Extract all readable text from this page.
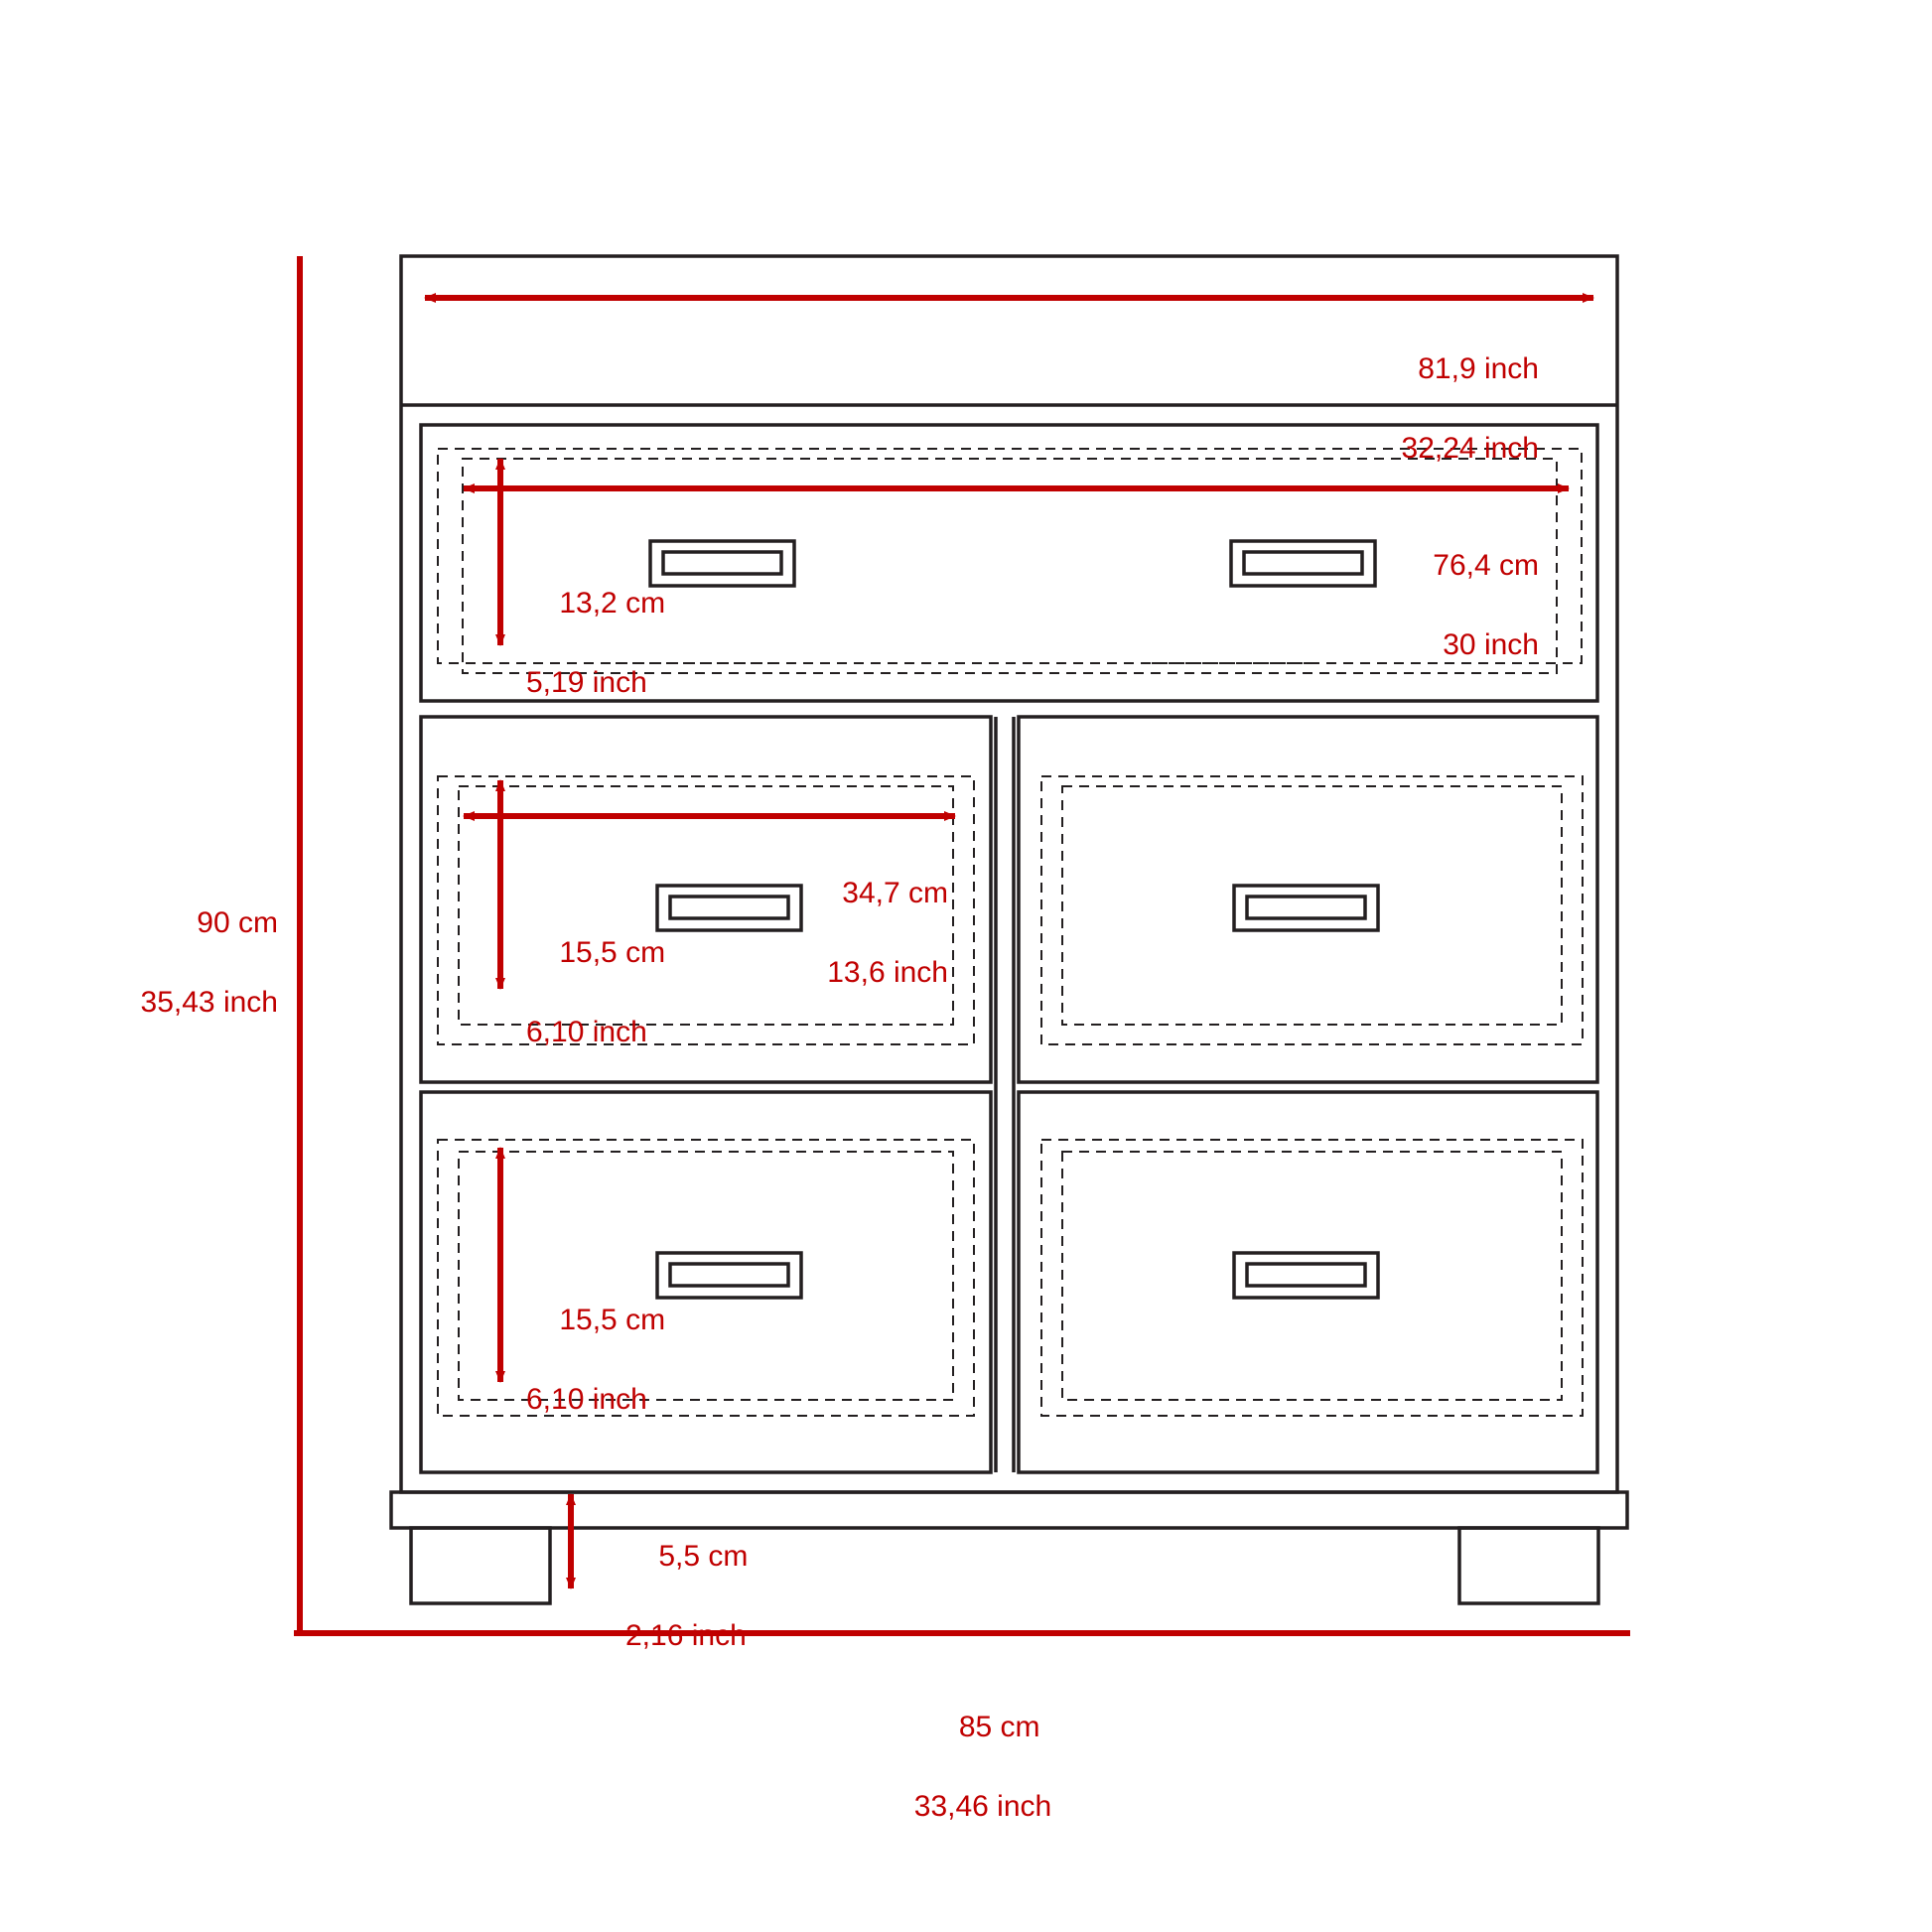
81,9 inch

32,24 inch

76,4 cm

30 inch

13,2 cm

5,19 inch

34,7 cm

13,6 inch

15,5 cm

6,10 inch

15,5 cm

6,10 inch

5,5 cm

2,16 inch

90 cm

35,43 inch

85 cm

33,46 inch
